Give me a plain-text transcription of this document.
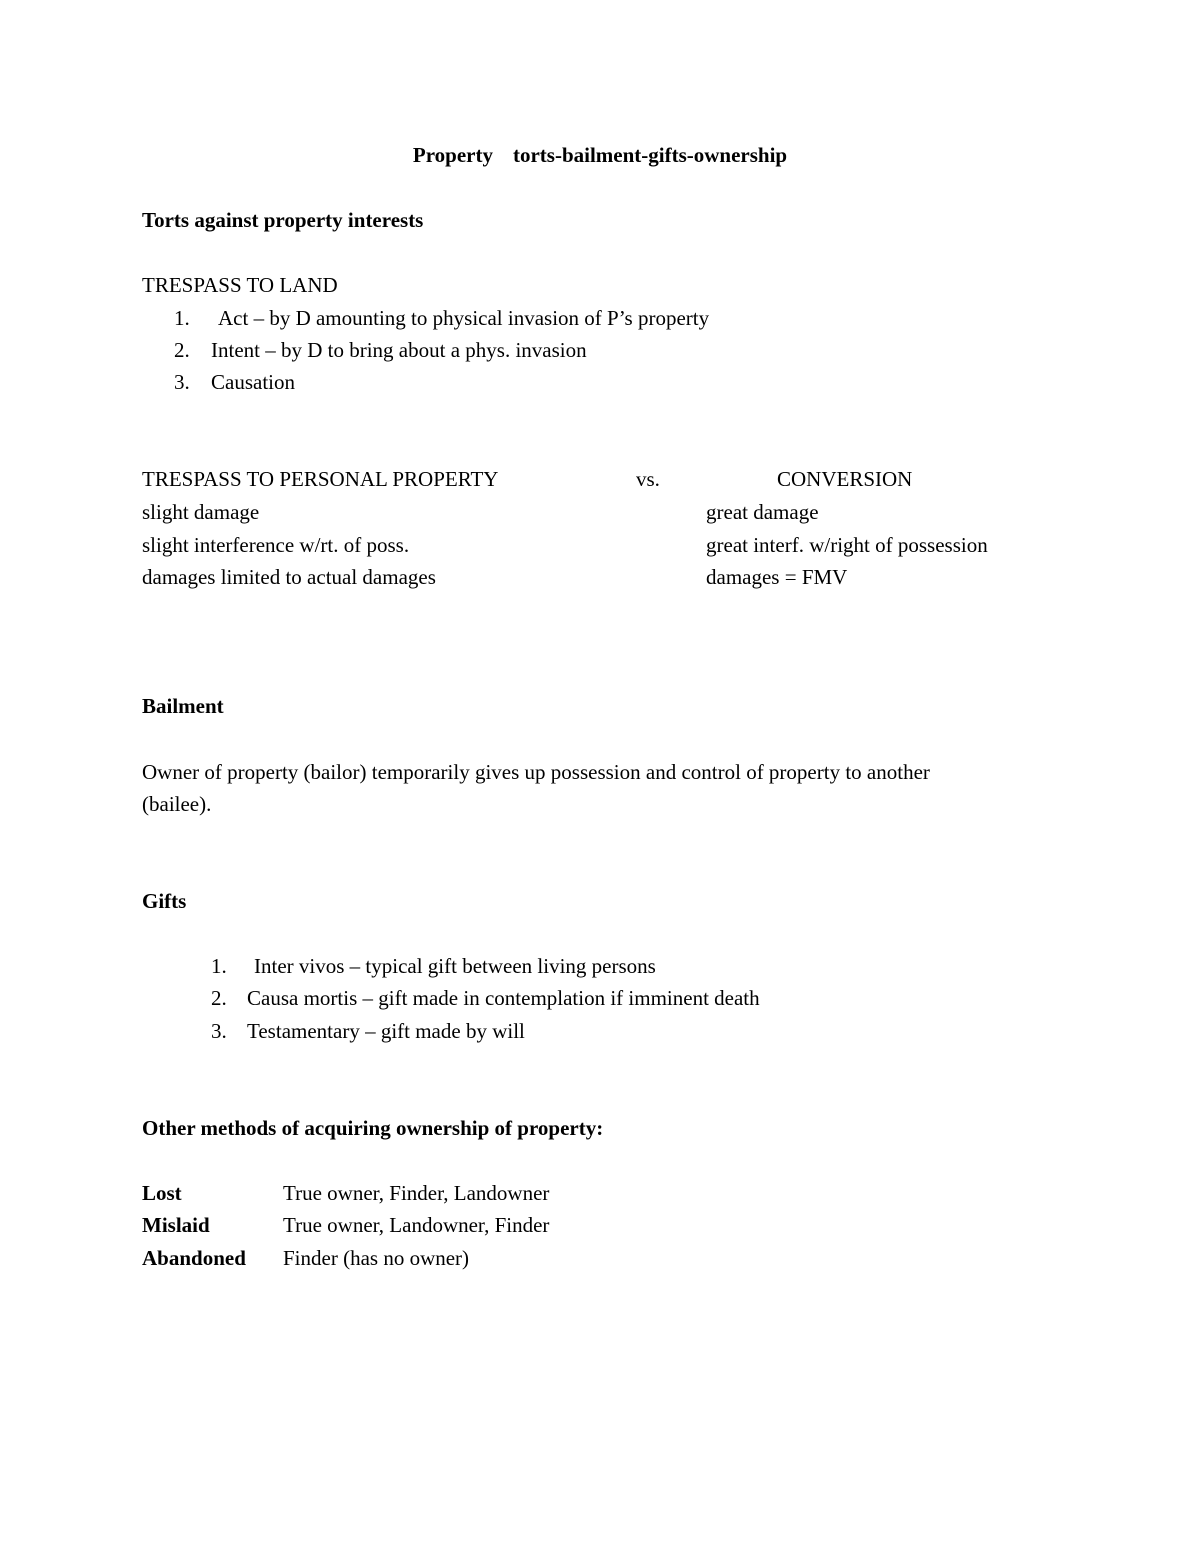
Property torts-bailment-gifts-ownership
Torts against property interests
TRESPASS TO LAND
1. Act – by D amounting to physical invasion of P’s property
2. Intent – by D to bring about a phys. invasion
3. Causation
TRESPASS TO PERSONAL PROPERTY	vs.	CONVERSION
slight damage	great damage
slight interference w/rt. of poss.	great interf. w/right of possession
damages limited to actual damages	damages = FMV
Bailment
Owner of property (bailor) temporarily gives up possession and control of property to another
(bailee).
Gifts
1. Inter vivos – typical gift between living persons
2. Causa mortis – gift made in contemplation if imminent death
3. Testamentary – gift made by will
Other methods of acquiring ownership of property:
Lost	True owner, Finder, Landowner
Mislaid	True owner, Landowner, Finder
Abandoned Finder (has no owner)
